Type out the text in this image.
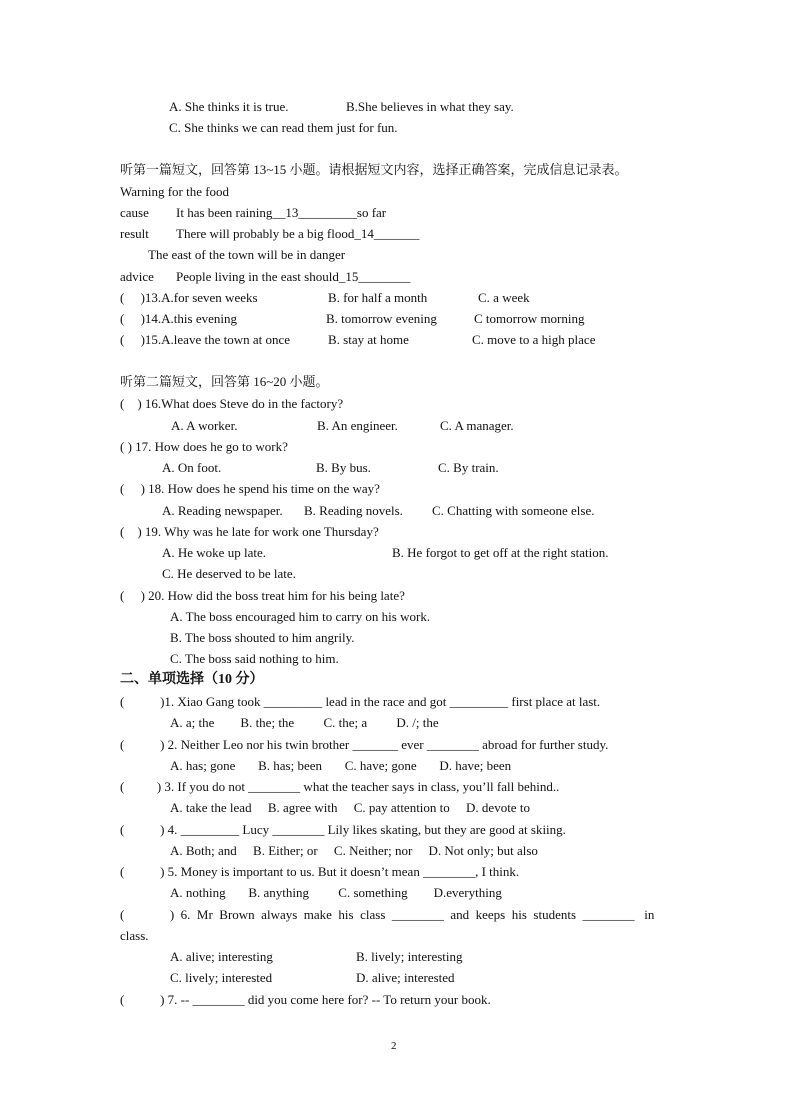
A. She thinks it is true.	B.She believes in what they say.
C. She thinks we can read them just for fun.
听第一篇短文，回答第 13~15 小题。请根据短文内容，选择正确答案，完成信息记录表。
Warning for the food
cause It has been raining__13_________so far
result There will probably be a big flood_14_______
The east of the town will be in danger
advice People living in the east should_15________
(     )13.A.for seven weeks	B. for half a month	C. a week
(     )14.A.this evening	B. tomorrow evening	C tomorrow morning
(     )15.A.leave the town at once	B. stay at home	C. move to a high place
听第二篇短文，回答第 16~20 小题。
(    ) 16.What does Steve do in the factory?
A. A worker.	B. An engineer.	C. A manager.
( ) 17. How does he go to work?
A. On foot.	B. By bus.	C. By train.
(     ) 18. How does he spend his time on the way?
A. Reading newspaper. B. Reading novels. C. Chatting with someone else.
(    ) 19. Why was he late for work one Thursday?
A. He woke up late.	B. He forgot to get off at the right station.
C. He deserved to be late.
(     ) 20. How did the boss treat him for his being late?
A. The boss encouraged him to carry on his work.
B. The boss shouted to him angrily.
C. The boss said nothing to him.
二、单项选择（10 分）
(           )1. Xiao Gang took _________ lead in the race and got _________ first place at last.
A. a; the        B. the; the         C. the; a         D. /; the
(           ) 2. Neither Leo nor his twin brother _______ ever ________ abroad for further study.
A. has; gone       B. has; been       C. have; gone       D. have; been
(          ) 3. If you do not ________ what the teacher says in class, you’ll fall behind..
A. take the lead     B. agree with     C. pay attention to     D. devote to
(           ) 4. _________ Lucy ________ Lily likes skating, but they are good at skiing.
A. Both; and     B. Either; or     C. Neither; nor     D. Not only; but also
(           ) 5. Money is important to us. But it doesn’t mean ________, I think.
A. nothing       B. anything         C. something        D.everything
(              )  6.  Mr  Brown  always  make  his  class  ________  and  keeps  his  students  ________   in
class.
A. alive; interesting	B. lively; interesting
C. lively; interested	D. alive; interested
(           ) 7. -- ________ did you come here for? -- To return your book.
2
